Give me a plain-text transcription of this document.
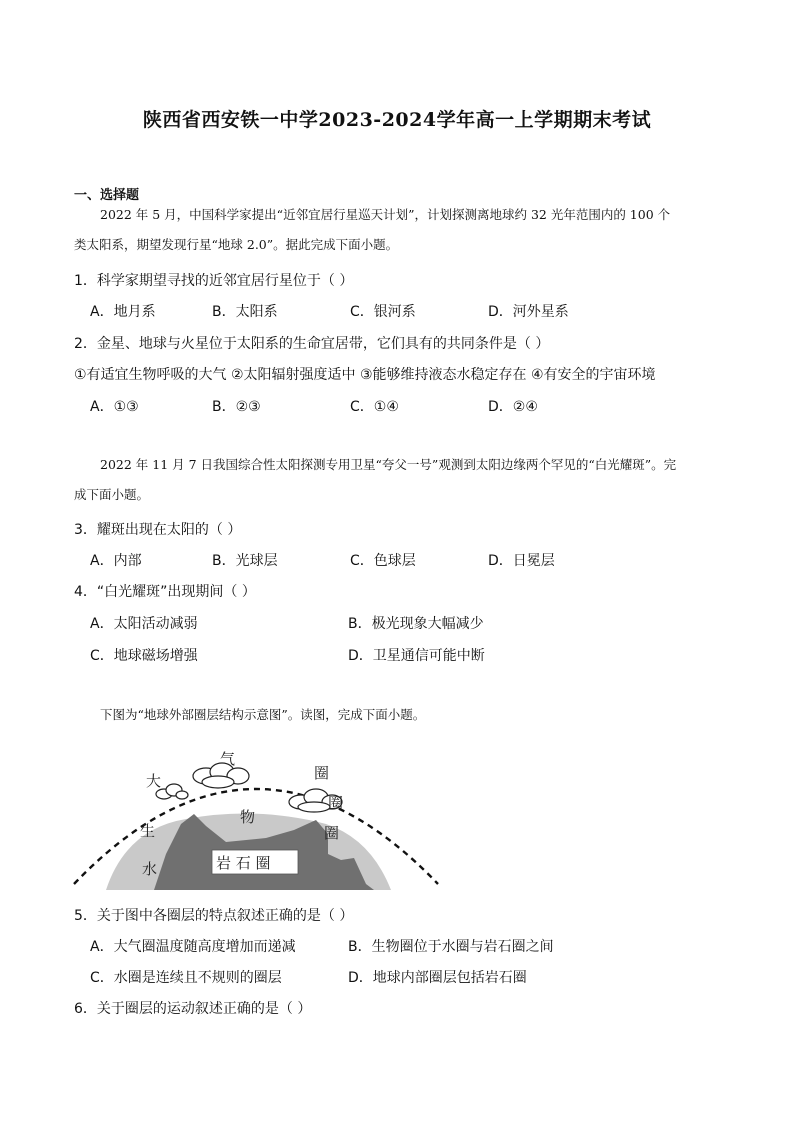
陕西省西安铁一中学2023-2024学年高一上学期期末考试
一、选择题
2022 年 5 月，中国科学家提出“近邻宜居行星巡天计划”，计划探测离地球约 32 光年范围内的 100 个
类太阳系，期望发现行星“地球 2.0”。据此完成下面小题。
1．科学家期望寻找的近邻宜居行星位于（ ）
A．地月系	B．太阳系	C．银河系	D．河外星系
2．金星、地球与火星位于太阳系的生命宜居带，它们具有的共同条件是（ ）
①有适宜生物呼吸的大气 ②太阳辐射强度适中 ③能够维持液态水稳定存在 ④有安全的宇宙环境
A．①③	B．②③	C．①④	D．②④
2022 年 11 月 7 日我国综合性太阳探测专用卫星“夸父一号”观测到太阳边缘两个罕见的“白光耀斑”。完
成下面小题。
3．耀斑出现在太阳的（ ）
A．内部	B．光球层	C．色球层	D．日冕层
4．“白光耀斑”出现期间（ ）
A．太阳活动减弱	B．极光现象大幅减少
C．地球磁场增强	D．卫星通信可能中断
下图为“地球外部圈层结构示意图”。读图，完成下面小题。
大
气
圈
生
物
圈
圈
水	岩 石 圈
5．关于图中各圈层的特点叙述正确的是（ ）
A．大气圈温度随高度增加而递减	B．生物圈位于水圈与岩石圈之间
C．水圈是连续且不规则的圈层	D．地球内部圈层包括岩石圈
6．关于圈层的运动叙述正确的是（ ）
